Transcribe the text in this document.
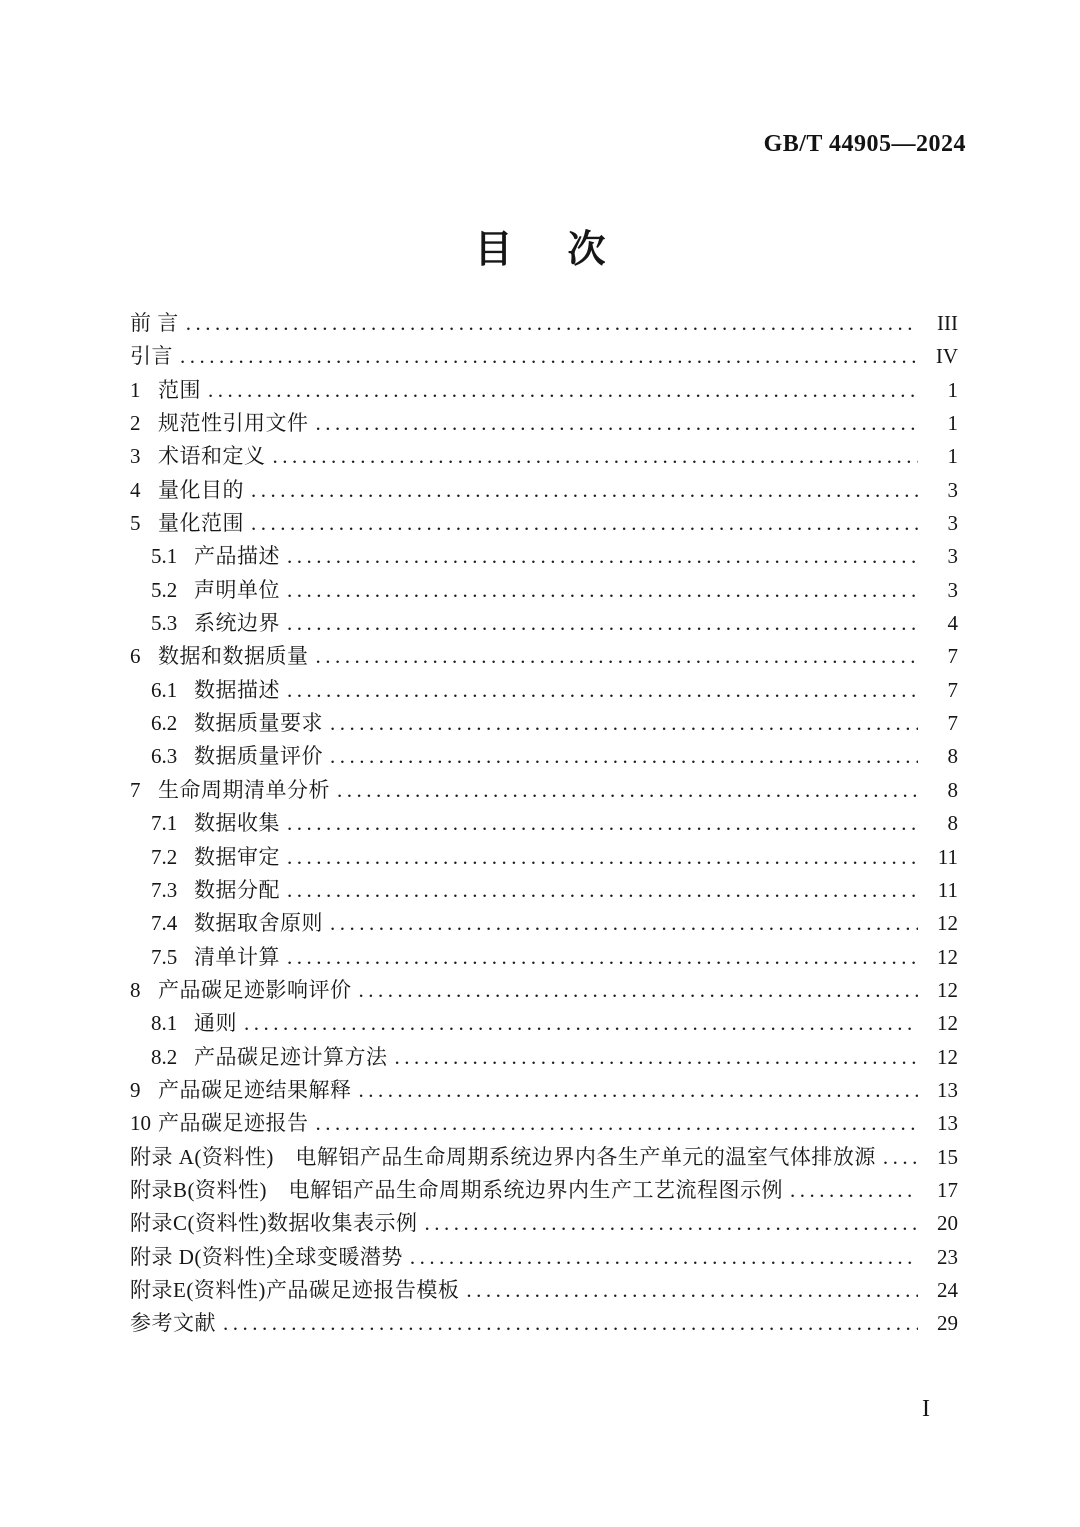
GB/T 44905—2024
目 次
前 言 .....	III
引言 .....	IV
1 范围 .....	1
2 规范性引用文件 .....	1
3 术语和定义 .....	1
4 量化目的 .....	3
5 量化范围 .....	3
5.1 产品描述 .....	3
5.2 声明单位 .....	3
5.3 系统边界 .....	4
6 数据和数据质量 .....	7
6.1 数据描述 .....	7
6.2 数据质量要求 .....	7
6.3 数据质量评价 .....	8
7 生命周期清单分析 .....	8
7.1 数据收集 .....	8
7.2 数据审定 .....	11
7.3 数据分配 .....	11
7.4 数据取舍原则 .....	12
7.5 清单计算 .....	12
8 产品碳足迹影响评价 .....	12
8.1 通则 .....	12
8.2 产品碳足迹计算方法 .....	12
9 产品碳足迹结果解释 .....	13
10 产品碳足迹报告 .....	13
附录 A(资料性)　电解铝产品生命周期系统边界内各生产单元的温室气体排放源 .....	15
附录B(资料性)　电解铝产品生命周期系统边界内生产工艺流程图示例 .....	17
附录C(资料性)数据收集表示例 .....	20
附录 D(资料性)全球变暖潜势 .....	23
附录E(资料性)产品碳足迹报告模板 .....	24
参考文献 .....	29
I
